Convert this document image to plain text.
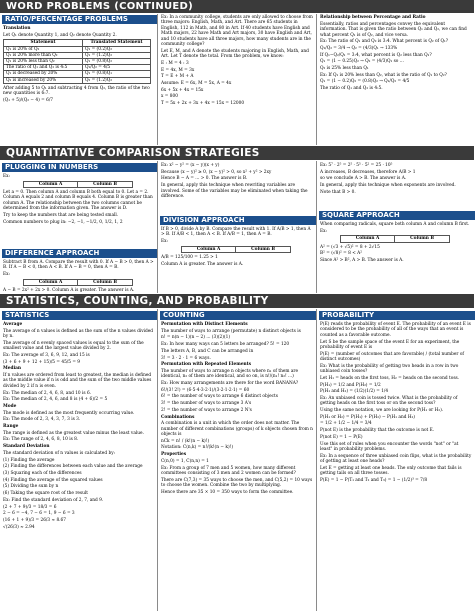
WORD PROBLEMS (CONTINUED)
RATIO/PERCENTAGE PROBLEMS

Translation

Let Q₁ denote Quantity 1, and Q₂ denote Quantity 2.

Statement	Translated Statement
Q₁ is 20% of Q₂	Q₁ = (0.2)Q₂
Q₁ is 20% more than Q₂	Q₁ = (1.2)Q₂
Q₁ is 20% less than Q₂	Q₁ = (0.8)Q₂
The ratio of Q₁ and Q₂ is 4:5	Q₁/Q₂ = 4/5
Q₁ is decreased by 20%	Q₁ = (0.8)Q₁
Q₂ is increased by 20%	Q₂ = (1.2)Q₂

After adding 5 to Q₁ and subtracting 4 from Q₂, the ratio of the two new quantities is 6:7.

(Q₁ + 5)/(Q₂ − 4) = 6/7

Ex: In a community college, students are only allowed to choose from three majors: English, Math, and Art. There are 65 students in English, 112 in Math, and 80 in Art. If 40 students have English and Math majors, 22 have Math and Art majors, 30 have English and Art, and 10 students have all three majors, how many students are in the community college?

Let E, M, and A denote the students majoring in English, Math, and Art. Let T denote the total. From the problem, we know:

E : M = 4 : 3

E = 4x, M = 3x

T = E + M + A

Assume: E = 6x, M = 5x, A = 4x

6x + 5x + 4x = 15x

x = 800

T = 5x + 2x + 3x + 4x = 15x = 12000

Relationship between Percentage and Ratio

Essentially, ratios and percentages convey the equivalent information. That is given the ratio between Q₁ and Q₂, we can find what percent Q₁ is of Q₂, and vice versa.

Ex: The ratio of Q₁ and Q₂ is 3:4. What percent is Q₂ of Q₁?

Q₁/Q₂ = 3/4 → Q₂ = (4/3)Q₁ → 133%

If Q₁−Q₂/Q₁ = 3:4, what percent is Q₂ less than Q₁?

Q₁ = (1 − 0.25)Q₂ → Q₂ = (4/3)Q₁ so ...

Q₂ is 25% less than Q₁

Ex: If Q₁ is 20% less than Q₂, what is the ratio of Q₁ to Q₂?

Q₁ = (1 − 0.2)Q₂ = (0.8)Q₂ → Q₁/Q₂ = 4/5

The ratio of Q₁ and Q₂ is 4:5.

QUANTITATIVE COMPARISON STRATEGIES
PLUGGING IN NUMBERS

Ex:

Column A	Column B

Let a = 0. Then column A and column B both equal to 0. Let a = 2. Column A equals 2 and column B equals 4. Column B is greater than column A. The relationship between the two columns cannot be determined from the information given. The answer is D.

Try to keep the numbers that are being tested small.

Common numbers to plug in: −2, −1, −1/2, 0, 1/2, 1, 2

DIFFERENCE APPROACH

Subtract B from A. Compare the result with 0. If A − B > 0, then A > B. If A − B < 0, then A < B. If A − B = 0, then A = B.

Ex:

Column A	Column B

A − B = 2x² + 2x > 0. Column A is greater. The answer is A.

Ex: x² − y² = (x − y)(x + y)

Because (x − y)² ≥ 0, (x − y)² > 0, so x² + y² > 2xy

Hence B − A = ... > 0. The answer is B.

In general, apply this technique when rewriting variables are involved. Some of the variables may be eliminated when taking the difference.

DIVISION APPROACH

If B > 0, divide A by B. Compare the result with 1. If A/B > 1, then A > B. If A/B < 1, then A < B. If A/B = 1, then A = B.

Ex:

Column A	Column B

A/B = 125/100 = 1.25 > 1

Column A is greater. The answer is A.

Ex: 5⁷ · 2⁵ = 2⁵ · 5⁵ · 5² = 25 · 10⁵

A increases, B decreases, therefore A/B > 1

so we conclude A > B. The answer is A.

In general, apply this technique when exponents are involved.

Note that B > 0.

SQUARE APPROACH

When comparing radicals, square both column A and column B first.

Ex:

Column A	Column B

A² = (√3 + √5)² = 8 + 2√15

B² = (√8)² = 8 < A²

Since A² > B², A > B. The answer is A.

STATISTICS, COUNTING, AND PROBABILITY
STATISTICS

Average

The average of n values is defined as the sum of the n values divided by n.

The average of n evenly spaced values is equal to the sum of the smallest value and the largest value divided by 2.

Ex: The average of 3, 6, 9, 12, and 15 is

(3 + 6 + 9 + 12 + 15)/5 = 45/5 = 9

Median

If n values are ordered from least to greatest, the median is defined as the middle value if n is odd and the sum of the two middle values divided by 2 if n is even.

Ex: The median of 2, 4, 6, 8, and 10 is 6.

Ex: The median of 2, 4, 6, and 8 is (4 + 6)/2 = 5

Mode

The mode is defined as the most frequently occurring value.

Ex: The mode of 2, 3, 4, 3, 7, 3 is 3.

Range

The range is defined as the greatest value minus the least value.

Ex: The range of 2, 4, 6, 8, 10 is 8.

Standard Deviation

The standard deviation of n values is calculated by:

(1) Finding the average

(2) Finding the differences between each value and the average

(3) Squaring each of the differences

(4) Finding the average of the squared values

(5) Dividing the sum by n

(6) Taking the square root of the result

Ex: Find the standard deviation of 2, 7, and 9.

(2 + 7 + 9)/3 = 18/3 = 6

2 − 6 = −4, 7 − 6 = 1, 9 − 6 = 3

(16 + 1 + 9)/3 = 26/3 ≈ 8.67

√(26/3) ≈ 2.94

COUNTING

Permutation with Distinct Elements

The number of ways to arrange (permutate) n distinct objects is

n! = n(n − 1)(n − 2) ... (3)(2)(1)

Ex: In how many ways can 5 letters be arranged? 5! = 120

The letters A, B, and C can be arranged in

3! = 3 · 2 · 1 = 6 ways.

Permutation with Repeated Elements

The number of ways to arrange n objects where n₁ of them are identical, n₂ of them are identical, and so on, is n!/(n₁! n₂! ...)

Ex: How many arrangements are there for the word BANANA?

6!/(3! 2!) = (6·5·4·3·2·1)/(3·2·1·2·1) = 60

6! = the number of ways to arrange 6 distinct objects

3! = the number of ways to arrange 3 A's

2! = the number of ways to arrange 2 N's

Combinations

A combination is a unit in which the order does not matter. The number of different combinations (groups) of k objects chosen from n objects is

nCk = n! / (k!(n − k)!)

Notation: C(n,k) = n!/(k!(n − k)!)

Properties

C(n,0) = 1, C(n,n) = 1

Ex: From a group of 7 men and 5 women, how many different committees consisting of 3 men and 2 women can be formed?

There are C(7,3) = 35 ways to choose the men, and C(5,2) = 10 ways to choose the women. Combine the two by multiplying.

Hence there are 35 × 10 = 350 ways to form the committee.

PROBABILITY

P(E) reads the probability of event E. The probability of an event E is considered to be the probability of all of the ways that an event is counted as a favorable outcome.

Let S be the sample space of the event E for an experiment, the probability of event E is

P(E) = (number of outcomes that are favorable) / (total number of distinct outcomes)

Ex: What is the probability of getting two heads in a row in two unbiased coin tosses?

Let H₁ = heads on the first toss, H₂ = heads on the second toss.

P(H₁) = 1/2 and P(H₂) = 1/2

P(H₁ and H₂) = (1/2)(1/2) = 1/4

Ex: An unbiased coin is tossed twice. What is the probability of getting heads on the first toss or on the second toss?

Using the same notation, we are looking for P(H₁ or H₂).

P(H₁ or H₂) = P(H₁) + P(H₂) − P(H₁ and H₂)

= 1/2 + 1/2 − 1/4 = 3/4

P(not E) is the probability that the outcome is not E.

P(not E) = 1 − P(E)

Use this set of rules when you encounter the words "not" or "at least" in probability problems.

Ex: In a sequence of three unbiased coin flips, what is the probability of getting at least one heads?

Let E = getting at least one heads. The only outcome that fails is getting tails on all three tosses.

P(E) = 1 − P(T₁ and T₂ and T₃) = 1 − (1/2)³ = 7/8
